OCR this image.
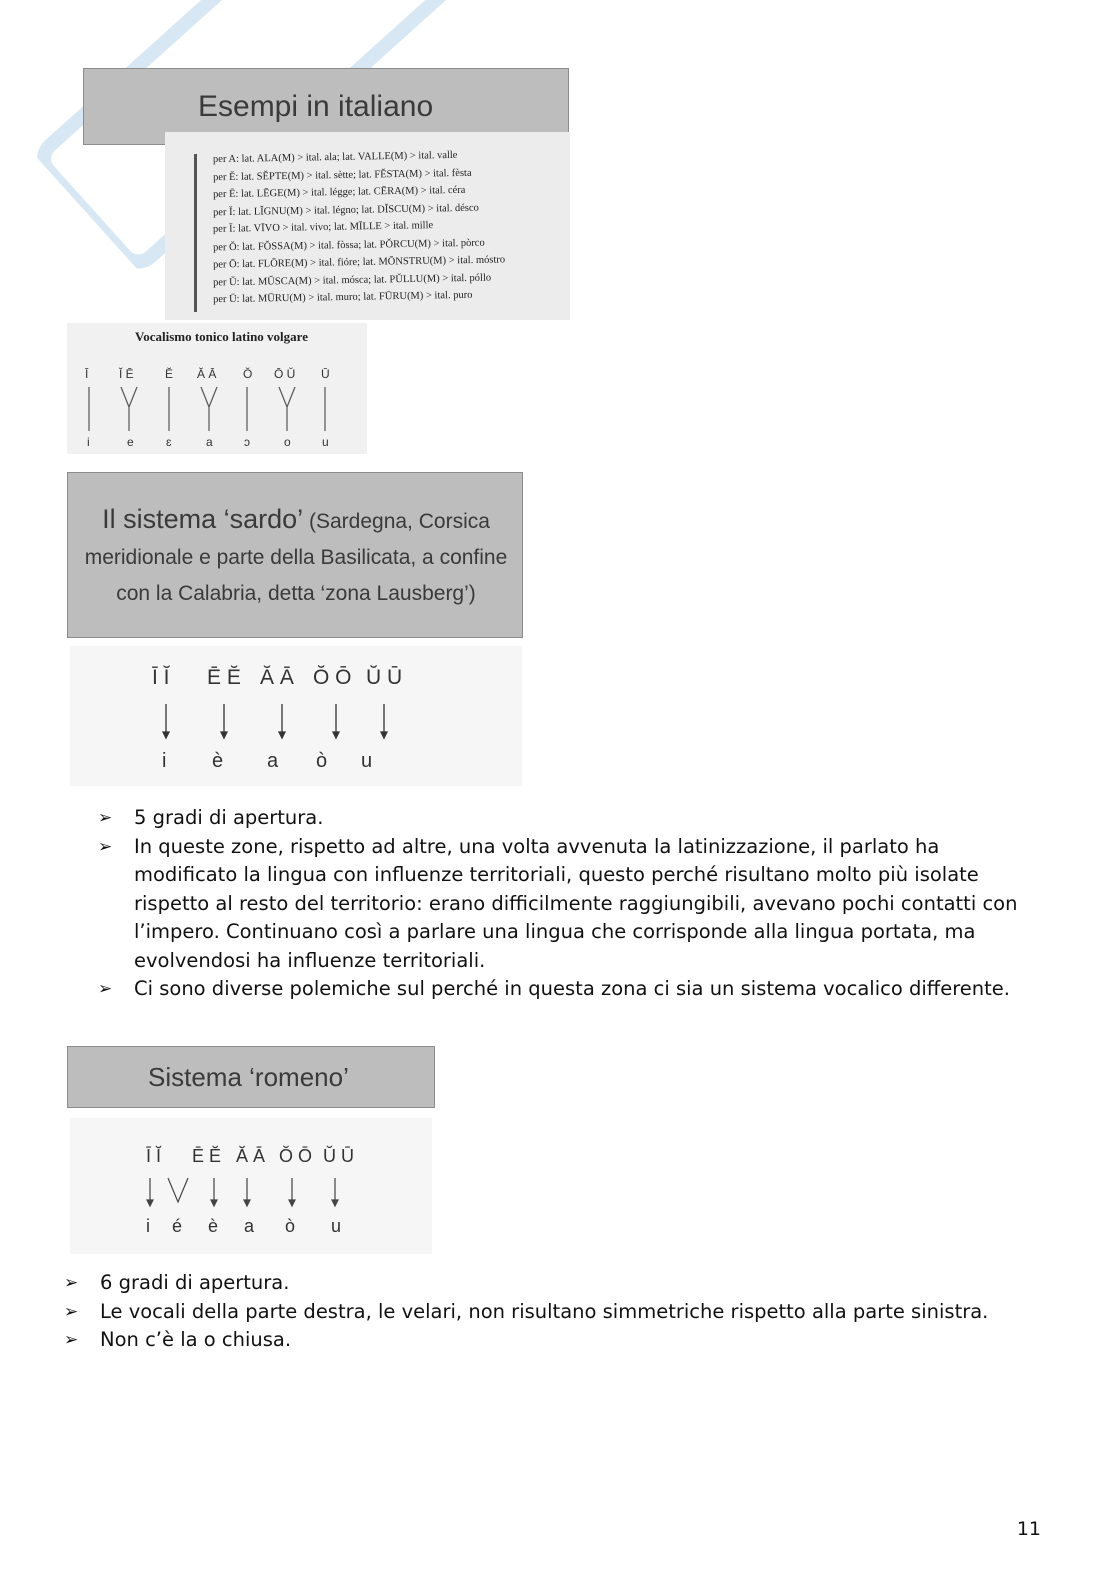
Esempi in italiano
per A: lat. ALA(M) > ital. ala; lat. VALLE(M) > ital. valle
per Ĕ: lat. SĔPTE(M) > ital. sètte; lat. FĔSTA(M) > ital. fèsta
per Ē: lat. LĒGE(M) > ital. légge; lat. CĒRA(M) > ital. céra
per Ĭ: lat. LĬGNU(M) > ital. légno; lat. DĬSCU(M) > ital. désco
per Ī: lat. VĪVO > ital. vivo; lat. MĪLLE > ital. mille
per Ŏ: lat. FŎSSA(M) > ital. fòssa; lat. PŎRCU(M) > ital. pòrco
per Ō: lat. FLŌRE(M) > ital. fióre; lat. MŌNSTRU(M) > ital. móstro
per Ŭ: lat. MŬSCA(M) > ital. mósca; lat. PŬLLU(M) > ital. póllo
per Ū: lat. MŪRU(M) > ital. muro; lat. FŪRU(M) > ital. puro
Vocalismo tonico latino volgare
Ī	Ĭ Ē	Ĕ Ă Ā Ŏ Ō Ŭ Ū
i	e	ɛ	a	ɔ	o	u
Il sistema ‘sardo’ (Sardegna, Corsica
meridionale e parte della Basilicata, a confine
con la Calabria, detta ‘zona Lausberg’)
Ī Ĭ Ē Ĕ Ă Ā Ŏ Ō Ŭ Ū
i è a ò u
➢ 5 gradi di apertura.
➢ In queste zone, rispetto ad altre, una volta avvenuta la latinizzazione, il parlato ha modificato la lingua con influenze territoriali, questo perché risultano molto più isolate rispetto al resto del territorio: erano difficilmente raggiungibili, avevano pochi contatti con l’impero. Continuano così a parlare una lingua che corrisponde alla lingua portata, ma evolvendosi ha influenze territoriali.
➢ Ci sono diverse polemiche sul perché in questa zona ci sia un sistema vocalico differente.
Sistema ‘romeno’
Ī Ĭ Ē Ĕ Ă Ā Ŏ Ō Ŭ Ū
i é è a ò u
➢ 6 gradi di apertura.
➢ Le vocali della parte destra, le velari, non risultano simmetriche rispetto alla parte sinistra.
➢ Non c’è la o chiusa.
11
